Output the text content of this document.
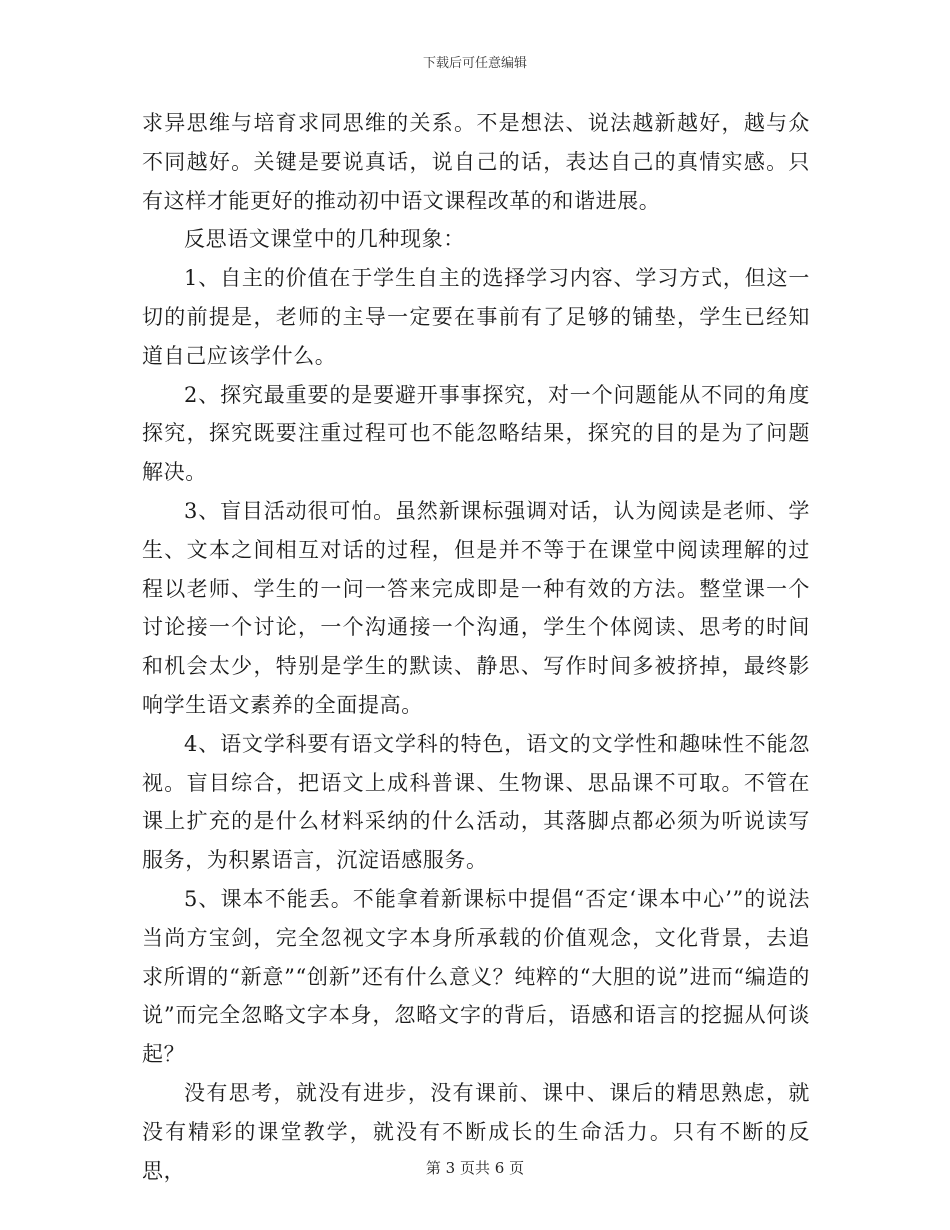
下载后可任意编辑

求异思维与培育求同思维的关系。不是想法、说法越新越好，越与众不同越好。关键是要说真话，说自己的话，表达自己的真情实感。只有这样才能更好的推动初中语文课程改革的和谐进展。

反思语文课堂中的几种现象：

1、自主的价值在于学生自主的选择学习内容、学习方式，但这一切的前提是，老师的主导一定要在事前有了足够的铺垫，学生已经知道自己应该学什么。

2、探究最重要的是要避开事事探究，对一个问题能从不同的角度探究，探究既要注重过程可也不能忽略结果，探究的目的是为了问题解决。

3、盲目活动很可怕。虽然新课标强调对话，认为阅读是老师、学生、文本之间相互对话的过程，但是并不等于在课堂中阅读理解的过程以老师、学生的一问一答来完成即是一种有效的方法。整堂课一个讨论接一个讨论，一个沟通接一个沟通，学生个体阅读、思考的时间和机会太少，特别是学生的默读、静思、写作时间多被挤掉，最终影响学生语文素养的全面提高。

4、语文学科要有语文学科的特色，语文的文学性和趣味性不能忽视。盲目综合，把语文上成科普课、生物课、思品课不可取。不管在课上扩充的是什么材料采纳的什么活动，其落脚点都必须为听说读写服务，为积累语言，沉淀语感服务。

5、课本不能丢。不能拿着新课标中提倡“否定‘课本中心’”的说法当尚方宝剑，完全忽视文字本身所承载的价值观念，文化背景，去追求所谓的“新意”“创新”还有什么意义？纯粹的“大胆的说”进而“编造的说”而完全忽略文字本身，忽略文字的背后，语感和语言的挖掘从何谈起？

没有思考，就没有进步，没有课前、课中、课后的精思熟虑，就没有精彩的课堂教学，就没有不断成长的生命活力。只有不断的反思，	第 3 页共 6 页
